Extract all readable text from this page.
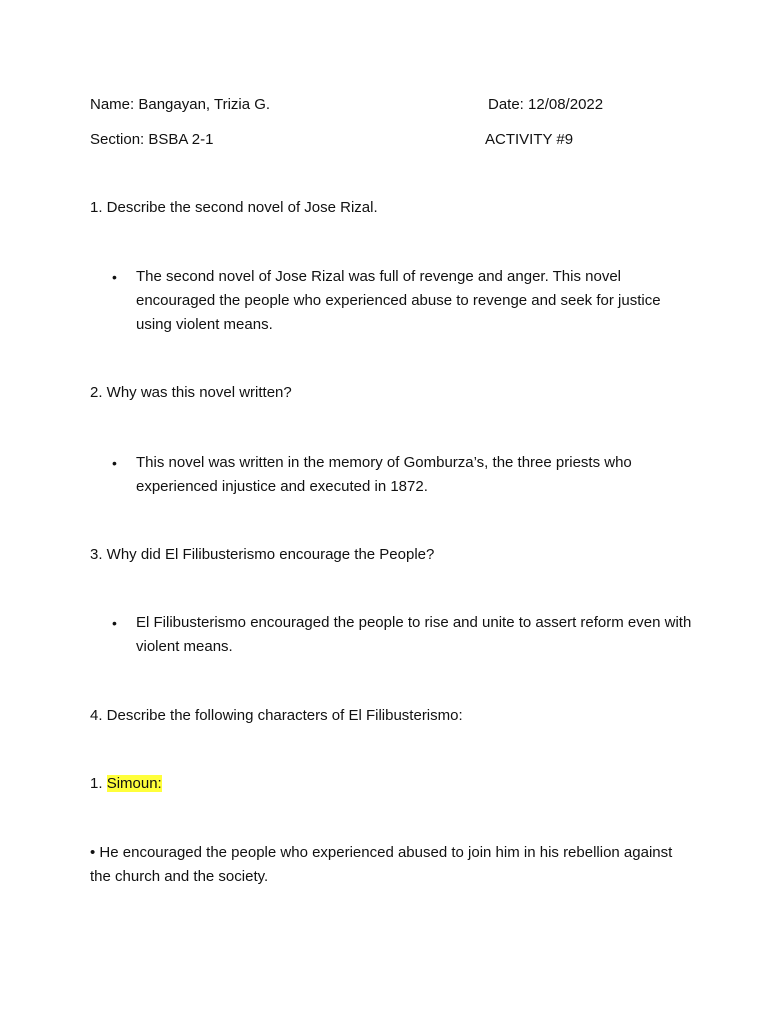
Name: Bangayan, Trizia G.	Date: 12/08/2022
Section: BSBA 2-1	ACTIVITY #9
1. Describe the second novel of Jose Rizal.
• The second novel of Jose Rizal was full of revenge and anger. This novel encouraged the people who experienced abuse to revenge and seek for justice using violent means.
2. Why was this novel written?
• This novel was written in the memory of Gomburza’s, the three priests who experienced injustice and executed in 1872.
3. Why did El Filibusterismo encourage the People?
• El Filibusterismo encouraged the people to rise and unite to assert reform even with violent means.
4. Describe the following characters of El Filibusterismo:
1. Simoun:
• He encouraged the people who experienced abused to join him in his rebellion against the church and the society.
